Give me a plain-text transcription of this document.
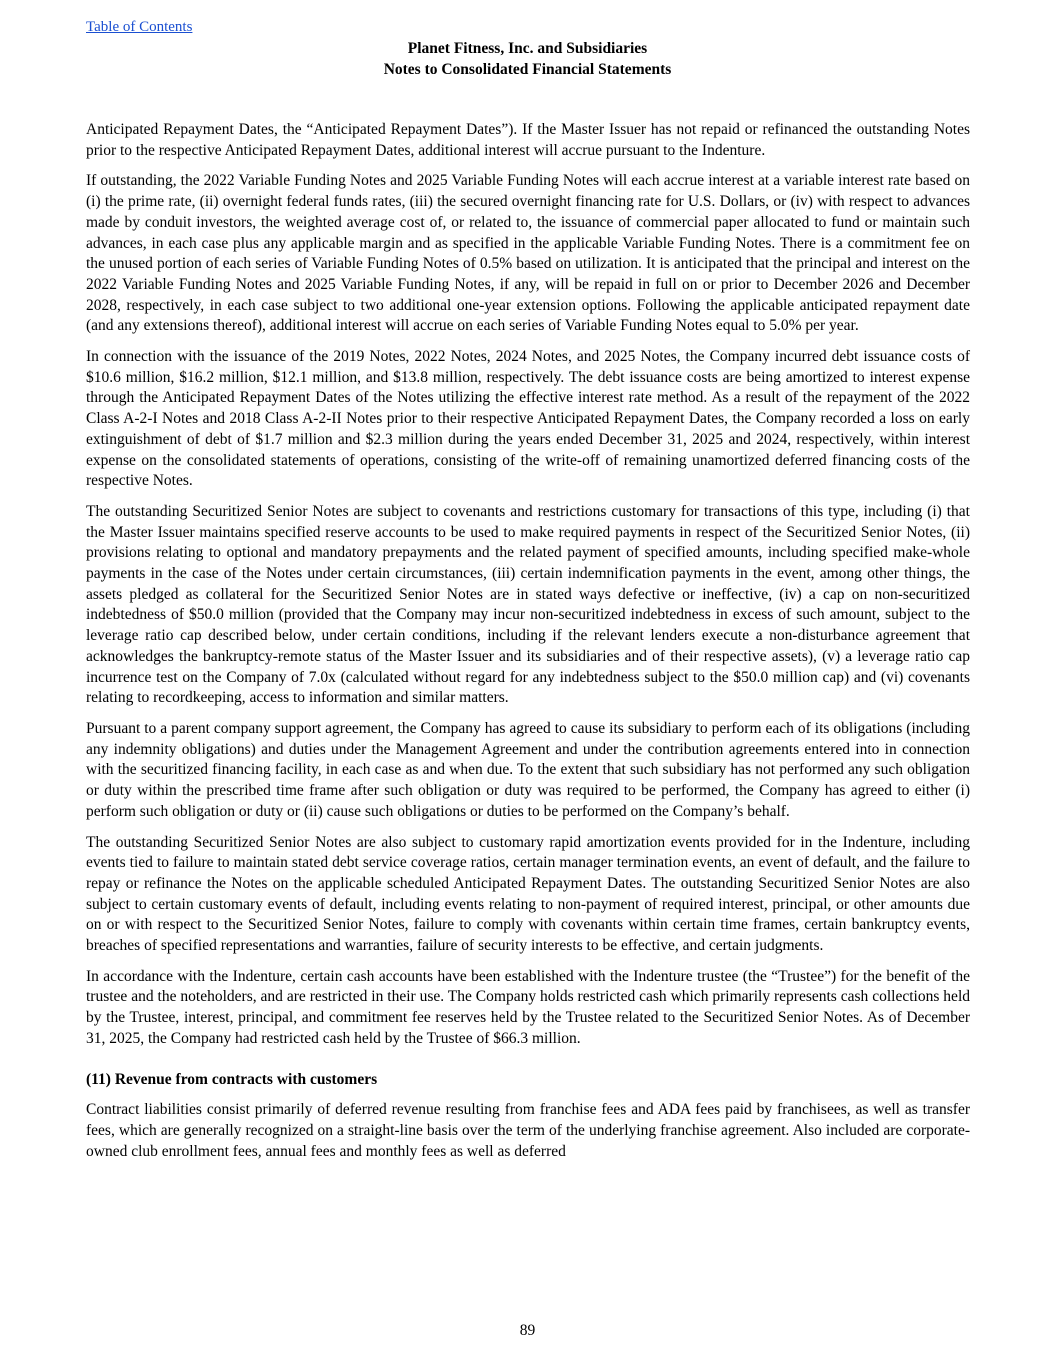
Table of Contents
Planet Fitness, Inc. and Subsidiaries
Notes to Consolidated Financial Statements

Anticipated Repayment Dates, the “Anticipated Repayment Dates”). If the Master Issuer has not repaid or refinanced the outstanding Notes prior to the respective Anticipated Repayment Dates, additional interest will accrue pursuant to the Indenture.

If outstanding, the 2022 Variable Funding Notes and 2025 Variable Funding Notes will each accrue interest at a variable interest rate based on (i) the prime rate, (ii) overnight federal funds rates, (iii) the secured overnight financing rate for U.S. Dollars, or (iv) with respect to advances made by conduit investors, the weighted average cost of, or related to, the issuance of commercial paper allocated to fund or maintain such advances, in each case plus any applicable margin and as specified in the applicable Variable Funding Notes. There is a commitment fee on the unused portion of each series of Variable Funding Notes of 0.5% based on utilization. It is anticipated that the principal and interest on the 2022 Variable Funding Notes and 2025 Variable Funding Notes, if any, will be repaid in full on or prior to December 2026 and December 2028, respectively, in each case subject to two additional one-year extension options. Following the applicable anticipated repayment date (and any extensions thereof), additional interest will accrue on each series of Variable Funding Notes equal to 5.0% per year.

In connection with the issuance of the 2019 Notes, 2022 Notes, 2024 Notes, and 2025 Notes, the Company incurred debt issuance costs of $10.6 million, $16.2 million, $12.1 million, and $13.8 million, respectively. The debt issuance costs are being amortized to interest expense through the Anticipated Repayment Dates of the Notes utilizing the effective interest rate method. As a result of the repayment of the 2022 Class A-2-I Notes and 2018 Class A-2-II Notes prior to their respective Anticipated Repayment Dates, the Company recorded a loss on early extinguishment of debt of $1.7 million and $2.3 million during the years ended December 31, 2025 and 2024, respectively, within interest expense on the consolidated statements of operations, consisting of the write-off of remaining unamortized deferred financing costs of the respective Notes.

The outstanding Securitized Senior Notes are subject to covenants and restrictions customary for transactions of this type, including (i) that the Master Issuer maintains specified reserve accounts to be used to make required payments in respect of the Securitized Senior Notes, (ii) provisions relating to optional and mandatory prepayments and the related payment of specified amounts, including specified make-whole payments in the case of the Notes under certain circumstances, (iii) certain indemnification payments in the event, among other things, the assets pledged as collateral for the Securitized Senior Notes are in stated ways defective or ineffective, (iv) a cap on non-securitized indebtedness of $50.0 million (provided that the Company may incur non-securitized indebtedness in excess of such amount, subject to the leverage ratio cap described below, under certain conditions, including if the relevant lenders execute a non-disturbance agreement that acknowledges the bankruptcy-remote status of the Master Issuer and its subsidiaries and of their respective assets), (v) a leverage ratio cap incurrence test on the Company of 7.0x (calculated without regard for any indebtedness subject to the $50.0 million cap) and (vi) covenants relating to recordkeeping, access to information and similar matters.

Pursuant to a parent company support agreement, the Company has agreed to cause its subsidiary to perform each of its obligations (including any indemnity obligations) and duties under the Management Agreement and under the contribution agreements entered into in connection with the securitized financing facility, in each case as and when due. To the extent that such subsidiary has not performed any such obligation or duty within the prescribed time frame after such obligation or duty was required to be performed, the Company has agreed to either (i) perform such obligation or duty or (ii) cause such obligations or duties to be performed on the Company’s behalf.

The outstanding Securitized Senior Notes are also subject to customary rapid amortization events provided for in the Indenture, including events tied to failure to maintain stated debt service coverage ratios, certain manager termination events, an event of default, and the failure to repay or refinance the Notes on the applicable scheduled Anticipated Repayment Dates. The outstanding Securitized Senior Notes are also subject to certain customary events of default, including events relating to non-payment of required interest, principal, or other amounts due on or with respect to the Securitized Senior Notes, failure to comply with covenants within certain time frames, certain bankruptcy events, breaches of specified representations and warranties, failure of security interests to be effective, and certain judgments.

In accordance with the Indenture, certain cash accounts have been established with the Indenture trustee (the “Trustee”) for the benefit of the trustee and the noteholders, and are restricted in their use. The Company holds restricted cash which primarily represents cash collections held by the Trustee, interest, principal, and commitment fee reserves held by the Trustee related to the Securitized Senior Notes. As of December 31, 2025, the Company had restricted cash held by the Trustee of $66.3 million.

(11) Revenue from contracts with customers

Contract liabilities consist primarily of deferred revenue resulting from franchise fees and ADA fees paid by franchisees, as well as transfer fees, which are generally recognized on a straight-line basis over the term of the underlying franchise agreement. Also included are corporate-owned club enrollment fees, annual fees and monthly fees as well as deferred

89
